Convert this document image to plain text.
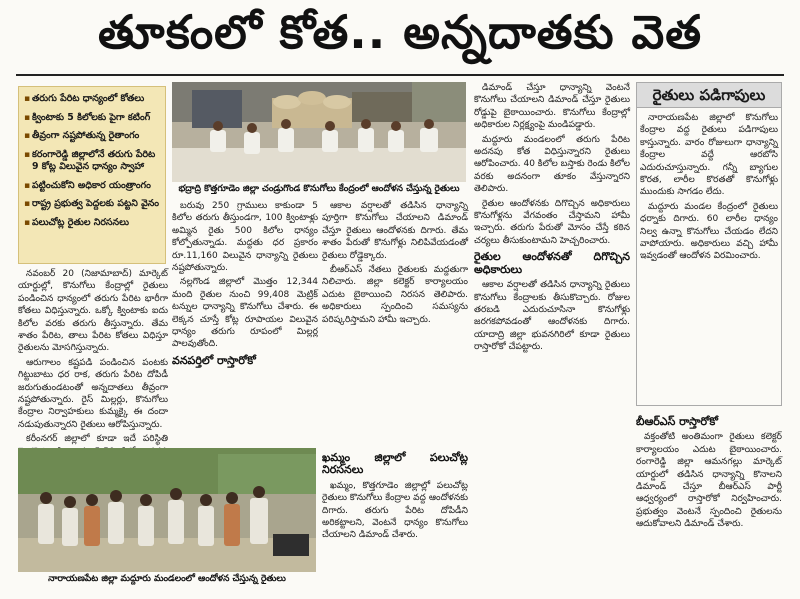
తూకంలో కోత.. అన్నదాతకు వెత
▪ తరుగు పేరిట ధాన్యంలో కోతలు
▪ క్వింటాకు 5 కిలోలకు పైగా కటింగ్
▪ తీవ్రంగా నష్టపోతున్న రైతాంగం
▪ కరంగారెడ్డి జిల్లాలోనే తరుగు పేరిట 9 కోట్ల విలువైన ధాన్యం స్వాహా
▪ పట్టించుకోని అధికార యంత్రాంగం
▪ రాష్ట్ర ప్రభుత్వ పెద్దలకు పట్టని వైనం
▪ పలుచోట్ల రైతుల నిరసనలు
భద్రాద్రి కొత్తగూడెం జిల్లా చండ్రుగొండ కొనుగోలు కేంద్రంలో ఆందోళన చేస్తున్న రైతులు

నవంబర్ 20 (నిజామాబాద్) మార్కెట్ యార్డుల్లో, కొనుగోలు కేంద్రాల్లో రైతులు పండించిన ధాన్యంలో తరుగు పేరిట భారీగా కోతలు విధిస్తున్నారు. ఒక్కో క్వింటాకు ఐదు కిలోల వరకు తరుగు తీస్తున్నారు. తేమ శాతం పేరిట, తాలు పేరిట కోతలు విధిస్తూ రైతులను మోసగిస్తున్నారు.

ఆరుగాలం కష్టపడి పండించిన పంటకు గిట్టుబాటు ధర రాక, తరుగు పేరిట దోపిడీ జరుగుతుండటంతో అన్నదాతలు తీవ్రంగా నష్టపోతున్నారు. రైస్ మిల్లర్లు, కొనుగోలు కేంద్రాల నిర్వాహకులు కుమ్మక్కై ఈ దందా నడుపుతున్నారని రైతులు ఆరోపిస్తున్నారు.

కరీంనగర్ జిల్లాలో కూడా ఇదే పరిస్థితి

బరువు 250 గ్రాములు కాకుండా 5 కిలోల తరుగు తీస్తుండగా, 100 క్వింటాళ్లు అమ్మిన రైతు 500 కిలోల ధాన్యం కోల్పోతున్నాడు. మద్దతు ధర ప్రకారం రూ.11,160 విలువైన ధాన్యాన్ని రైతులు నష్టపోతున్నారు.

నల్లగొండ జిల్లాలో మొత్తం 12,344 మంది రైతుల నుంచి 99,408 మెట్రిక్ టన్నుల ధాన్యాన్ని కొనుగోలు చేశారు. ఈ లెక్కన చూస్తే కోట్ల రూపాయల విలువైన ధాన్యం తరుగు రూపంలో మిల్లర్ల పాలవుతోంది.

వనపర్తిలో రాస్తారోకో

ఆకాల వర్షాలతో తడిసిన ధాన్యాన్ని పూర్తిగా కొనుగోలు చేయాలని డిమాండ్ చేస్తూ రైతులు ఆందోళనకు దిగారు. తేమ శాతం పేరుతో కొనుగోళ్లు నిలిపివేయడంతో రైతులు రోడ్డెక్కారు.

బీఆర్ఎస్ నేతలు రైతులకు మద్దతుగా నిలిచారు. జిల్లా కలెక్టర్ కార్యాలయం ఎదుట బైఠాయించి నిరసన తెలిపారు. అధికారులు స్పందించి సమస్యను పరిష్కరిస్తామని హామీ ఇచ్చారు.

డిమాండ్ చేస్తూ ధాన్యాన్ని వెంటనే కొనుగోలు చేయాలని డిమాండ్ చేస్తూ రైతులు రోడ్డుపై బైఠాయించారు. కొనుగోలు కేంద్రాల్లో అధికారుల నిర్లక్ష్యంపై మండిపడ్డారు.

మద్దూరు మండలంలో తరుగు పేరిట అదనపు కోత విధిస్తున్నారని రైతులు ఆరోపించారు. 40 కిలోల బస్తాకు రెండు కిలోల వరకు అదనంగా తూకం వేస్తున్నారని తెలిపారు.

రైతుల ఆందోళనకు దిగొచ్చిన అధికారులు కొనుగోళ్లను వేగవంతం చేస్తామని హామీ ఇచ్చారు. తరుగు పేరుతో మోసం చేస్తే కఠిన చర్యలు తీసుకుంటామని హెచ్చరించారు.

రైతుల ఆందోళనతో దిగొచ్చిన అధికారులు

ఆకాల వర్షాలతో తడిసిన ధాన్యాన్ని రైతులు కొనుగోలు కేంద్రాలకు తీసుకొచ్చారు. రోజుల తరబడి ఎదురుచూసినా కొనుగోళ్లు జరగకపోవడంతో ఆందోళనకు దిగారు. యాదాద్రి జిల్లా భువనగిరిలో కూడా రైతులు రాస్తారోకో చేపట్టారు.

రైతులు పడిగాపులు

నారాయణపేట జిల్లాలో కొనుగోలు కేంద్రాల వద్ద రైతులు పడిగాపులు కాస్తున్నారు. వారం రోజులుగా ధాన్యాన్ని కేంద్రాల వద్దే ఆరబోసి ఎదురుచూస్తున్నారు. గన్నీ బ్యాగుల కొరత, లారీల కొరతతో కొనుగోళ్లు ముందుకు సాగడం లేదు.

మద్దూరు మండల కేంద్రంలో రైతులు ధర్నాకు దిగారు. 60 లారీల ధాన్యం నిల్వ ఉన్నా కొనుగోలు చేయడం లేదని వాపోయారు. అధికారులు వచ్చి హామీ ఇవ్వడంతో ఆందోళన విరమించారు.

బీఆర్ఎస్ రాస్తారోకో

వక్తంతోటి అంతిమంగా రైతులు కలెక్టర్ కార్యాలయం ఎదుట బైఠాయించారు. రంగారెడ్డి జిల్లా ఆమనగల్లు మార్కెట్ యార్డులో తడిసిన ధాన్యాన్ని కొనాలని డిమాండ్ చేస్తూ బీఆర్ఎస్ పార్టీ ఆధ్వర్యంలో రాస్తారోకో నిర్వహించారు. ప్రభుత్వం వెంటనే స్పందించి రైతులను ఆదుకోవాలని డిమాండ్ చేశారు.

ఖమ్మం జిల్లాలో పలుచోట్ల నిరసనలు

ఖమ్మం, కొత్తగూడెం జిల్లాల్లో పలుచోట్ల రైతులు కొనుగోలు కేంద్రాల వద్ద ఆందోళనకు దిగారు. తరుగు పేరిట దోపిడీని అరికట్టాలని, వెంటనే ధాన్యం కొనుగోలు చేయాలని డిమాండ్ చేశారు.

నారాయణపేట జిల్లా మద్దూరు మండలంలో ఆందోళన చేస్తున్న రైతులు
